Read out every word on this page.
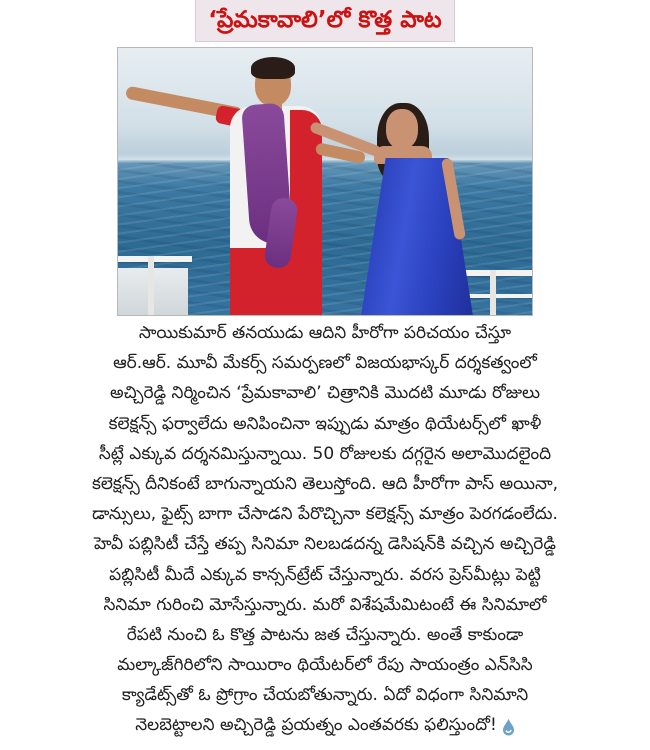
‘ప్రేమకావాలి’లో కొత్త పాట
సాయికుమార్ తనయుడు ఆదిని హీరోగా పరిచయం చేస్తూ
ఆర్.ఆర్. మూవీ మేకర్స్ సమర్పణలో విజయభాస్కర్ దర్శకత్వంలో
అచ్చిరెడ్డి నిర్మించిన ‘ప్రేమకావాలి’ చిత్రానికి మొదటి మూడు రోజులు
కలెక్షన్స్ ఫర్వాలేదు అనిపించినా ఇప్పుడు మాత్రం థియేటర్స్‌లో ఖాళీ
సీట్లే ఎక్కువ దర్శనమిస్తున్నాయి. 50 రోజులకు దగ్గరైన అలామొదలైంది
కలెక్షన్స్ దీనికంటే బాగున్నాయని తెలుస్తోంది. ఆది హీరోగా పాస్ అయినా,
డాన్సులు, ఫైట్స్ బాగా చేసాడని పేరొచ్చినా కలెక్షన్స్ మాత్రం పెరగడంలేదు.
హెవీ పబ్లిసిటీ చేస్తే తప్ప సినిమా నిలబడదన్న డెసిషన్‌కి వచ్చిన అచ్చిరెడ్డి
పబ్లిసిటీ మీదే ఎక్కువ కాన్సన్‌ట్రేట్ చేస్తున్నారు. వరస ప్రెస్‌మీట్లు పెట్టి
సినిమా గురించి మోసేస్తున్నారు. మరో విశేషమేమిటంటే ఈ సినిమాలో
రేపటి నుంచి ఓ కొత్త పాటను జత చేస్తున్నారు. అంతే కాకుండా
మల్కాజ్‌గిరిలోని సాయిరాం థియేటర్‌లో రేపు సాయంత్రం ఎన్‌సిసి
క్యాడేట్స్‌తో ఓ ప్రోగ్రాం చేయబోతున్నారు. ఏదో విధంగా సినిమాని
నెలబెట్టాలని అచ్చిరెడ్డి ప్రయత్నం ఎంతవరకు ఫలిస్తుందో!
